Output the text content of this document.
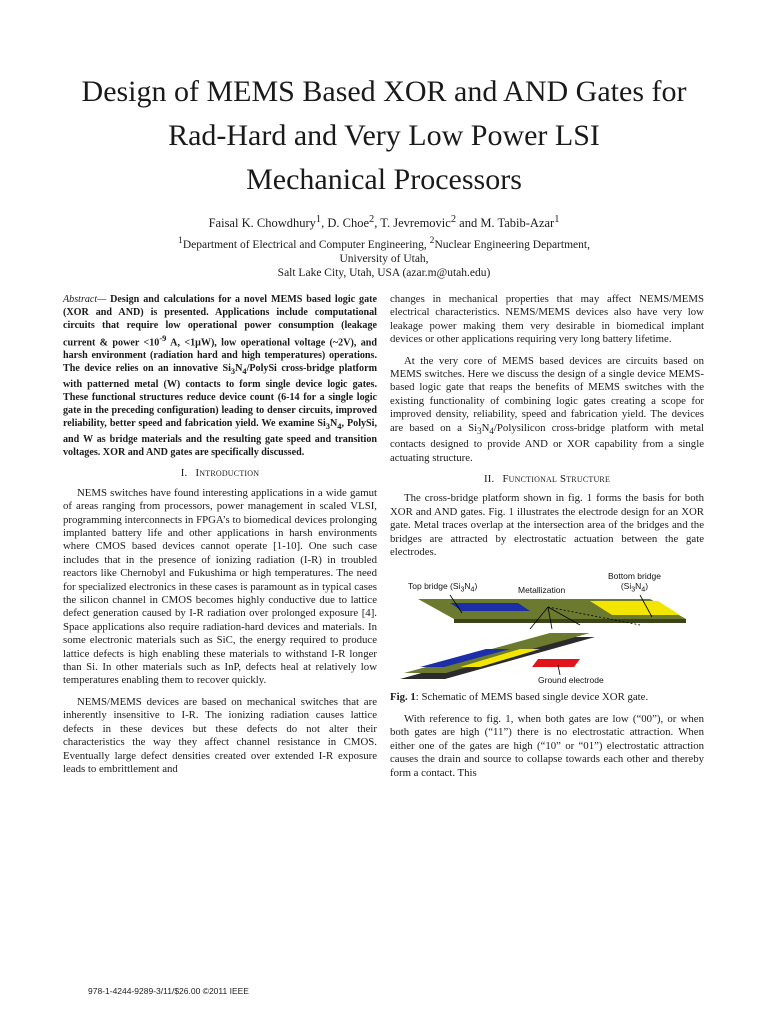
Design of MEMS Based XOR and AND Gates for
Rad-Hard and Very Low Power LSI
Mechanical Processors
Faisal K. Chowdhury$^1$, D. Choe$^2$, T. Jevremovic$^2$ and M. Tabib-Azar$^1$
$^1$Department of Electrical and Computer Engineering, $^2$Nuclear Engineering Department,
University of Utah,
Salt Lake City, Utah, USA (azar.m@utah.edu)

Abstract— Design and calculations for a novel MEMS based logic gate (XOR and AND) is presented. Applications include computational circuits that require low operational power consumption (leakage current & power $<10^{-9}$ A, <1μW), low operational voltage (~2V), and harsh environment (radiation hard and high temperatures) operations. The device relies on an innovative $Si_3N_4$/PolySi cross-bridge platform with patterned metal (W) contacts to form single device logic gates. These functional structures reduce device count (6-14 for a single logic gate in the preceding configuration) leading to denser circuits, improved reliability, better speed and fabrication yield. We examine $Si_3N_4$, PolySi, and W as bridge materials and the resulting gate speed and transition voltages. XOR and AND gates are specifically discussed.

I. Introduction

NEMS switches have found interesting applications in a wide gamut of areas ranging from processors, power management in scaled VLSI, programming interconnects in FPGA’s to biomedical devices prolonging implanted battery life and other applications in harsh environments where CMOS based devices cannot operate [1-10]. One such case includes that in the presence of ionizing radiation (I-R) in troubled reactors like Chernobyl and Fukushima or high temperatures. The need for specialized electronics in these cases is paramount as in typical cases the silicon channel in CMOS becomes highly conductive due to lattice defect generation caused by I-R radiation over prolonged exposure [4]. Space applications also require radiation-hard devices and materials. In some electronic materials such as SiC, the energy required to produce lattice defects is high enabling these materials to withstand I-R longer than Si. In other materials such as InP, defects heal at relatively low temperatures enabling them to recover quickly.

NEMS/MEMS devices are based on mechanical switches that are inherently insensitive to I-R. The ionizing radiation causes lattice defects in these devices but these defects do not alter their characteristics the way they affect channel resistance in CMOS. Eventually large defect densities created over extended I-R exposure leads to embrittlement and

changes in mechanical properties that may affect NEMS/MEMS electrical characteristics. NEMS/MEMS devices also have very low leakage power making them very desirable in biomedical implant devices or other applications requiring very long battery lifetime.

At the very core of MEMS based devices are circuits based on MEMS switches. Here we discuss the design of a single device MEMS-based logic gate that reaps the benefits of MEMS switches with the existing functionality of combining logic gates creating a scope for improved density, reliability, speed and fabrication yield. The devices are based on a $Si_3N_4$/Polysilicon cross-bridge platform with metal contacts designed to provide AND or XOR capability from a single actuating structure.

II. Functional Structure

The cross-bridge platform shown in fig. 1 forms the basis for both XOR and AND gates. Fig. 1 illustrates the electrode design for an XOR gate. Metal traces overlap at the intersection area of the bridges and the bridges are attracted by electrostatic actuation between the gate electrodes.

Top bridge $(Si_3N_4)$	Metallization
Bottom bridge
$(Si_3N_4)$
Ground electrode

Fig. 1: Schematic of MEMS based single device XOR gate.

With reference to fig. 1, when both gates are low (“00”), or when both gates are high (“11”) there is no electrostatic attraction. When either one of the gates are high (“10” or “01”) electrostatic attraction causes the drain and source to collapse towards each other and thereby form a contact. This

978-1-4244-9289-3/11/$26.00 ©2011 IEEE
